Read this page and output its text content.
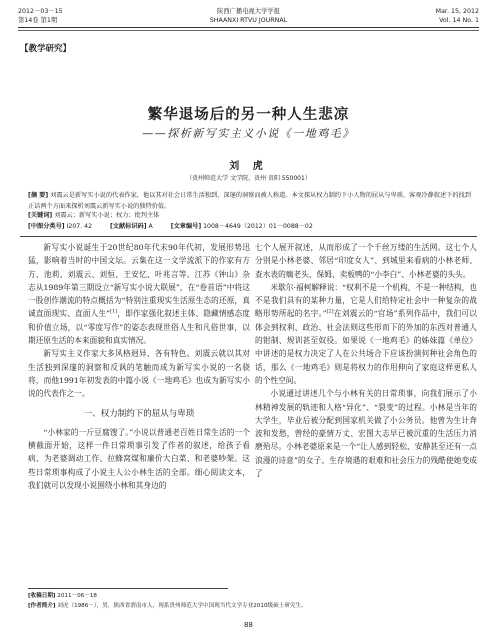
2012－03－15
第14卷 第1期
陕西广播电视大学学报
SHAANXI RTVU JOURNAL
Mar. 15, 2012
Vol. 14 No. 1
【教学研究】
繁华退场后的另一种人生悲凉
——探析新写实主义小说《一地鸡毛》
刘 虎
（贵州师范大学 文学院，贵州 贵阳 550001）
[摘 要] 刘震云是新写实小说的代表作家，他以其对社会日常生活独到、深邃的洞察而被人称道。本文探从权力制约下小人物的屈从与卑琐、客观冷静叙述下的找到正话两个方面来探析刘震云新写实小说的独特价值。
[关键词] 刘震云；新写实小说；权力；批判主体
[中图分类号] I207. 42	[文献标识码] A	[文章编号] 1008－4649（2012）01－0088－02

新写实小说诞生于20世纪80年代末90年代初，发展形势迅猛，影响着当时的中国文坛。云集在这一文学流派下的作家有方方、池莉、刘震云、刘恒、王安忆、叶兆言等。江苏《钟山》杂志从1989年第三期设立“新写实小说大联展”，在“卷首语”中将这一股创作潮流的特点概括为“特别注重现实生活原生态的还原，真诚直面现实、直面人生”[1]，即作家强化叙述主体、隐藏情感态度和价值立场，以“零度写作”的姿态表现世俗人生和凡俗世事，以期还原生活的本来面貌和真实情况。

新写实主义作家大多风格迥异、各有特色。刘震云就以其对生活独到深邃的洞察和反讽的笔触而成为新写实小说的一名骁将，而他1991年初发表的中篇小说《一地鸡毛》也成为新写实小说的代表作之一。

一、权力制约下的屈从与卑琐

“小林家的一斤豆腐馊了。”小说以普通老百姓日常生活的一个横截面开始，这样一件日常琐事引发了作者的叙述，给孩子看病、为老婆调动工作、拉蜂窝煤和廉价大白菜、和老婆吵架。这些日常琐事构成了小说主人公小林生活的全部。细心阅读文本，我们就可以发现小说围绕小林和其身边的

七个人展开叙述，从而形成了一个千丝万缕的生活网。这七个人分别是小林老婆、邻居“印度女人”、到城里来看病的小林老师、查水表的瘸老头、保姆、卖板鸭的“小李白”、小林老婆的头头。

米歇尔·福柯解释说：“权利不是一个机构，不是一种结构，也不是我们具有的某种力量，它是人们给特定社会中一种复杂的战略形势所起的名字。”[2]在刘震云的“官场”系列作品中，我们可以体会到权利、政治、社会法则这些形而下的外加的东西对普通人的钳制、规训甚至奴役。如果说《一地鸡毛》的姊妹篇《单位》中讲述的是权力决定了人在公共场合下应该扮演何种社会角色的话，那么《一地鸡毛》则是将权力的作用伸向了家庭这样更私人的个性空间。

小说通过讲述几个与小林有关的日常琐事，向我们展示了小林精神发展的轨迹和人格“异化”、“裂变”的过程。小林是当年的大学生，毕业后被分配到国家机关做了小公务员。他曾为生计奔波和发愁，曾经的豪情万丈、宏图大志早已被沉重的生活压力消磨殆尽。小林老婆原来是一个“让人感到轻松、安静甚至还有一点浪漫的诗意”的女子。生存境遇的艰难和社会压力的残酷使她变成了

[收稿日期] 2011－06－18
[作者简介] 刘虎（1986－），男，陕西省渭南市人，现系贵州师范大学中国现当代文学专业2010级硕士研究生。
88
